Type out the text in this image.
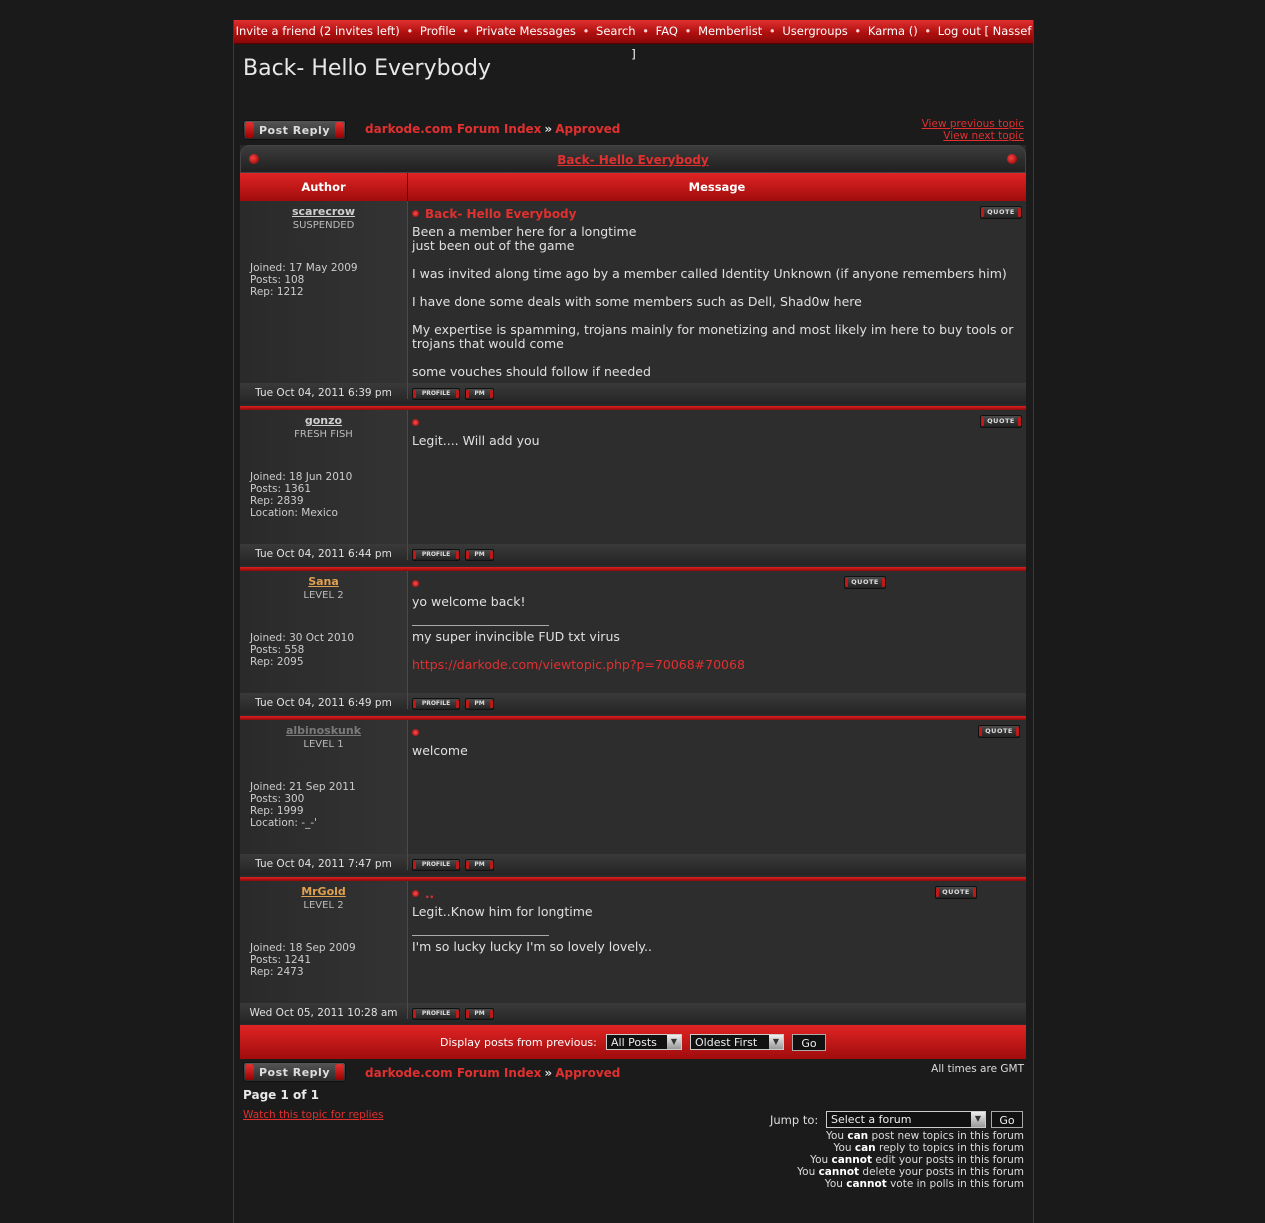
Invite a friend (2 invites left) • Profile • Private Messages • Search • FAQ • Memberlist • Usergroups • Karma () • Log out [ Nassef ]
Back- Hello Everybody
Post Reply	darkode.com Forum Index » Approved	View previous topic
View next topic
Back- Hello Everybody
Author	Message
scarecrow
SUSPENDED
Joined: 17 May 2009
Posts: 108
Rep: 1212
Back- Hello Everybody	QUOTE
Been a member here for a longtime
just been out of the game

I was invited along time ago by a member called Identity Unknown (if anyone remembers him)

I have done some deals with some members such as Dell, Shad0w here

My expertise is spamming, trojans mainly for monetizing and most likely im here to buy tools or
trojans that would come

some vouches should follow if needed
Tue Oct 04, 2011 6:39 pm	PROFILE	PM
gonzo
FRESH FISH
Joined: 18 Jun 2010
Posts: 1361
Rep: 2839
Location: Mexico
QUOTE
Legit.... Will add you
Tue Oct 04, 2011 6:44 pm	PROFILE	PM
Sana
LEVEL 2
Joined: 30 Oct 2010
Posts: 558
Rep: 2095
QUOTE
yo welcome back!

my super invincible FUD txt virus

https://darkode.com/viewtopic.php?p=70068#70068
Tue Oct 04, 2011 6:49 pm	PROFILE	PM
albinoskunk
LEVEL 1
Joined: 21 Sep 2011
Posts: 300
Rep: 1999
Location: -_-'
QUOTE
welcome
Tue Oct 04, 2011 7:47 pm	PROFILE	PM
MrGold
LEVEL 2
Joined: 18 Sep 2009
Posts: 1241
Rep: 2473
..	QUOTE
Legit..Know him for longtime

I'm so lucky lucky I'm so lovely lovely..
Wed Oct 05, 2011 10:28 am	PROFILE	PM
Display posts from previous:	All Posts	▼	Oldest First	▼	Go
Post Reply	darkode.com Forum Index » Approved	All times are GMT
Page 1 of 1
Watch this topic for replies	Jump to:	Select a forum	▼	Go
You can post new topics in this forum
You can reply to topics in this forum
You cannot edit your posts in this forum
You cannot delete your posts in this forum
You cannot vote in polls in this forum
